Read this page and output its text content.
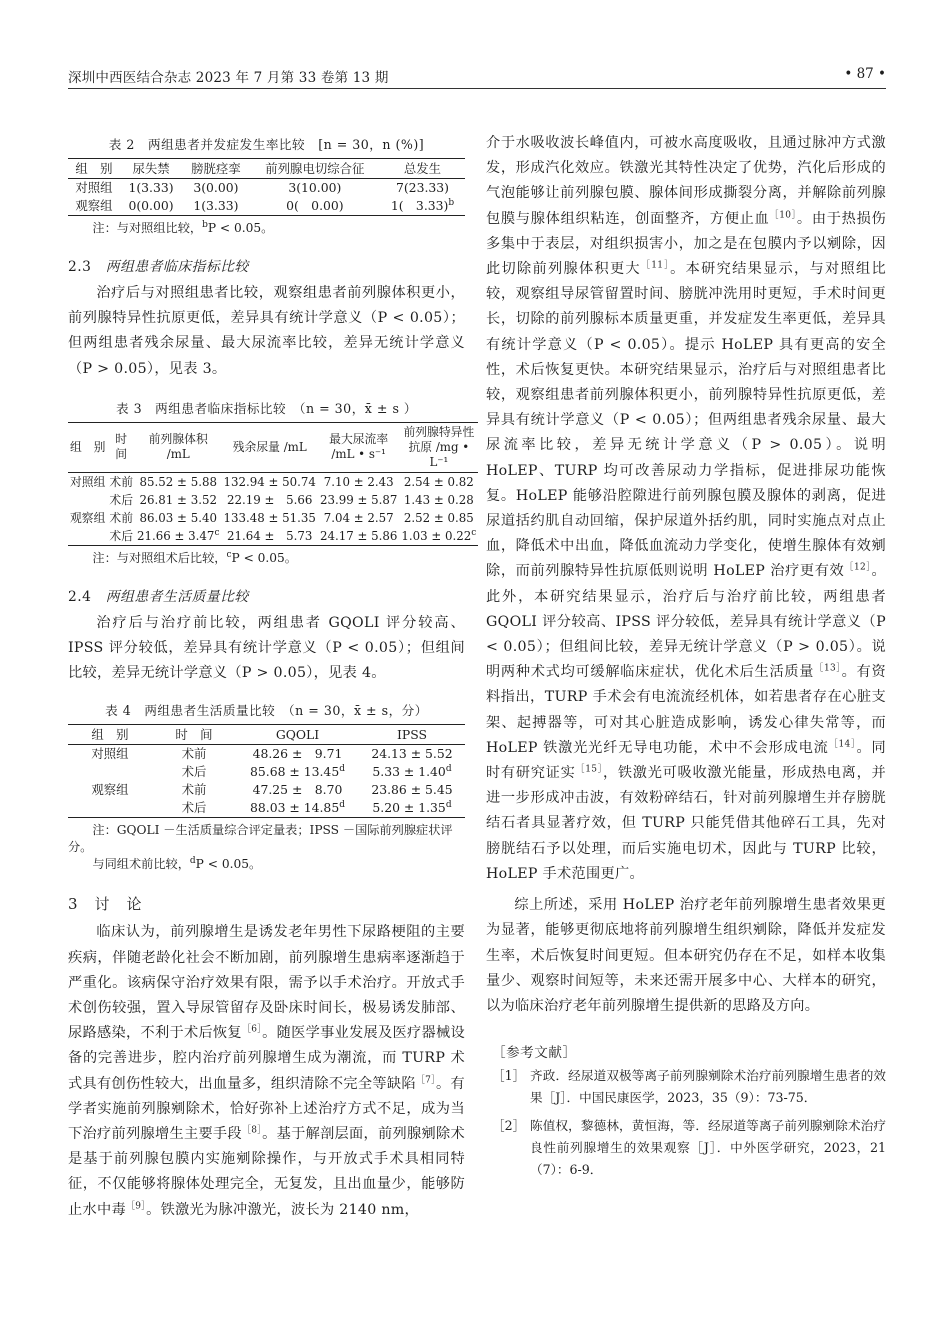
深圳中西医结合杂志 2023 年 7 月第 33 卷第 13 期	• 87 •
表 2　两组患者并发症发生率比较　[n = 30，n (%)]
组　别	尿失禁	膀胱痉挛	前列腺电切综合征	总发生
对照组	1(3.33)	3(0.00)	3(10.00)	7(23.33)
观察组	0(0.00)	1(3.33)	0(　0.00)	1(　3.33)$^b$

注：与对照组比较，$^b$P < 0.05。

2.3　 两组患者临床指标比较

治疗后与对照组患者比较，观察组患者前列腺体积更小，前列腺特异性抗原更低，差异具有统计学意义（P < 0.05）；但两组患者残余尿量、最大尿流率比较，差异无统计学意义（P > 0.05），见表 3。

表 3　两组患者临床指标比较　（n = 30，x̄ ± s ）
组　别	时　间	前列腺体积 /mL	残余尿量 /mL	最大尿流率 /mL • s⁻¹	前列腺特异性抗原 /mg • L⁻¹
对照组	术前	85.52 ± 5.88	132.94 ± 50.74	7.10 ± 2.43	2.54 ± 0.82
	术后	26.81 ± 3.52	22.19 ±　5.66	23.99 ± 5.87	1.43 ± 0.28
观察组	术前	86.03 ± 5.40	133.48 ± 51.35	7.04 ± 2.57	2.52 ± 0.85
	术后	21.66 ± 3.47$^c$	21.64 ±　5.73	24.17 ± 5.86	1.03 ± 0.22$^c$

注：与对照组术后比较，$^c$P < 0.05。

2.4　 两组患者生活质量比较

治疗后与治疗前比较，两组患者 GQOLI 评分较高、IPSS 评分较低，差异具有统计学意义（P < 0.05）；但组间比较，差异无统计学意义（P > 0.05），见表 4。

表 4　两组患者生活质量比较　（n = 30，x̄ ± s，分）
组　别	时　间	GQOLI	IPSS
对照组	术前	48.26 ±　9.71	24.13 ± 5.52
	术后	85.68 ± 13.45$^d$	5.33 ± 1.40$^d$
观察组	术前	47.25 ±　8.70	23.86 ± 5.45
	术后	88.03 ± 14.85$^d$	5.20 ± 1.35$^d$

注：GQOLI －生活质量综合评定量表；IPSS －国际前列腺症状评分。

与同组术前比较，$^d$P < 0.05。

3　讨　论

临床认为，前列腺增生是诱发老年男性下尿路梗阻的主要疾病，伴随老龄化社会不断加剧，前列腺增生患病率逐渐趋于严重化。该病保守治疗效果有限，需予以手术治疗。开放式手术创伤较强，置入导尿管留存及卧床时间长，极易诱发肺部、尿路感染，不利于术后恢复$^{[6]}$。随医学事业发展及医疗器械设备的完善进步，腔内治疗前列腺增生成为潮流，而 TURP 术式具有创伤性较大，出血量多，组织清除不完全等缺陷$^{[7]}$。有学者实施前列腺剜除术，恰好弥补上述治疗方式不足，成为当下治疗前列腺增生主要手段$^{[8]}$。基于解剖层面，前列腺剜除术是基于前列腺包膜内实施剜除操作，与开放式手术具相同特征，不仅能够将腺体处理完全，无复发，且出血量少，能够防止水中毒$^{[9]}$。铁激光为脉冲激光，波长为 2140 nm，

介于水吸收波长峰值内，可被水高度吸收，且通过脉冲方式激发，形成汽化效应。铁激光其特性决定了优势，汽化后形成的气泡能够让前列腺包膜、腺体间形成撕裂分离，并解除前列腺包膜与腺体组织粘连，创面整齐，方便止血$^{[10]}$。由于热损伤多集中于表层，对组织损害小，加之是在包膜内予以剜除，因此切除前列腺体积更大$^{[11]}$。本研究结果显示，与对照组比较，观察组导尿管留置时间、膀胱冲洗用时更短，手术时间更长，切除的前列腺标本质量更重，并发症发生率更低，差异具有统计学意义（P < 0.05）。提示 HoLEP 具有更高的安全性，术后恢复更快。本研究结果显示，治疗后与对照组患者比较，观察组患者前列腺体积更小，前列腺特异性抗原更低，差异具有统计学意义（P < 0.05）；但两组患者残余尿量、最大尿流率比较，差异无统计学意义（P > 0.05）。说明 HoLEP、TURP 均可改善尿动力学指标，促进排尿功能恢复。HoLEP 能够沿腔隙进行前列腺包膜及腺体的剥离，促进尿道括约肌自动回缩，保护尿道外括约肌，同时实施点对点止血，降低术中出血，降低血流动力学变化，使增生腺体有效剜除，而前列腺特异性抗原低则说明 HoLEP 治疗更有效$^{[12]}$。此外，本研究结果显示，治疗后与治疗前比较，两组患者 GQOLI 评分较高、IPSS 评分较低，差异具有统计学意义（P < 0.05）；但组间比较，差异无统计学意义（P > 0.05）。说明两种术式均可缓解临床症状，优化术后生活质量$^{[13]}$。有资料指出，TURP 手术会有电流流经机体，如若患者存在心脏支架、起搏器等，可对其心脏造成影响，诱发心律失常等，而 HoLEP 铁激光光纤无导电功能，术中不会形成电流$^{[14]}$。同时有研究证实$^{[15]}$，铁激光可吸收激光能量，形成热电离，并进一步形成冲击波，有效粉碎结石，针对前列腺增生并存膀胱结石者具显著疗效，但 TURP 只能凭借其他碎石工具，先对膀胱结石予以处理，而后实施电切术，因此与 TURP 比较，HoLEP 手术范围更广。

综上所述，采用 HoLEP 治疗老年前列腺增生患者效果更为显著，能够更彻底地将前列腺增生组织剜除，降低并发症发生率，术后恢复时间更短。但本研究仍存在不足，如样本收集量少、观察时间短等，未来还需开展多中心、大样本的研究，以为临床治疗老年前列腺增生提供新的思路及方向。

［参考文献］

［1］ 齐政．经尿道双极等离子前列腺剜除术治疗前列腺增生患者的效果［J］．中国民康医学，2023，35（9）：73-75．

［2］ 陈值权，黎德林，黄恒海，等．经尿道等离子前列腺剜除术治疗良性前列腺增生的效果观察［J］．中外医学研究，2023，21（7）：6-9．
